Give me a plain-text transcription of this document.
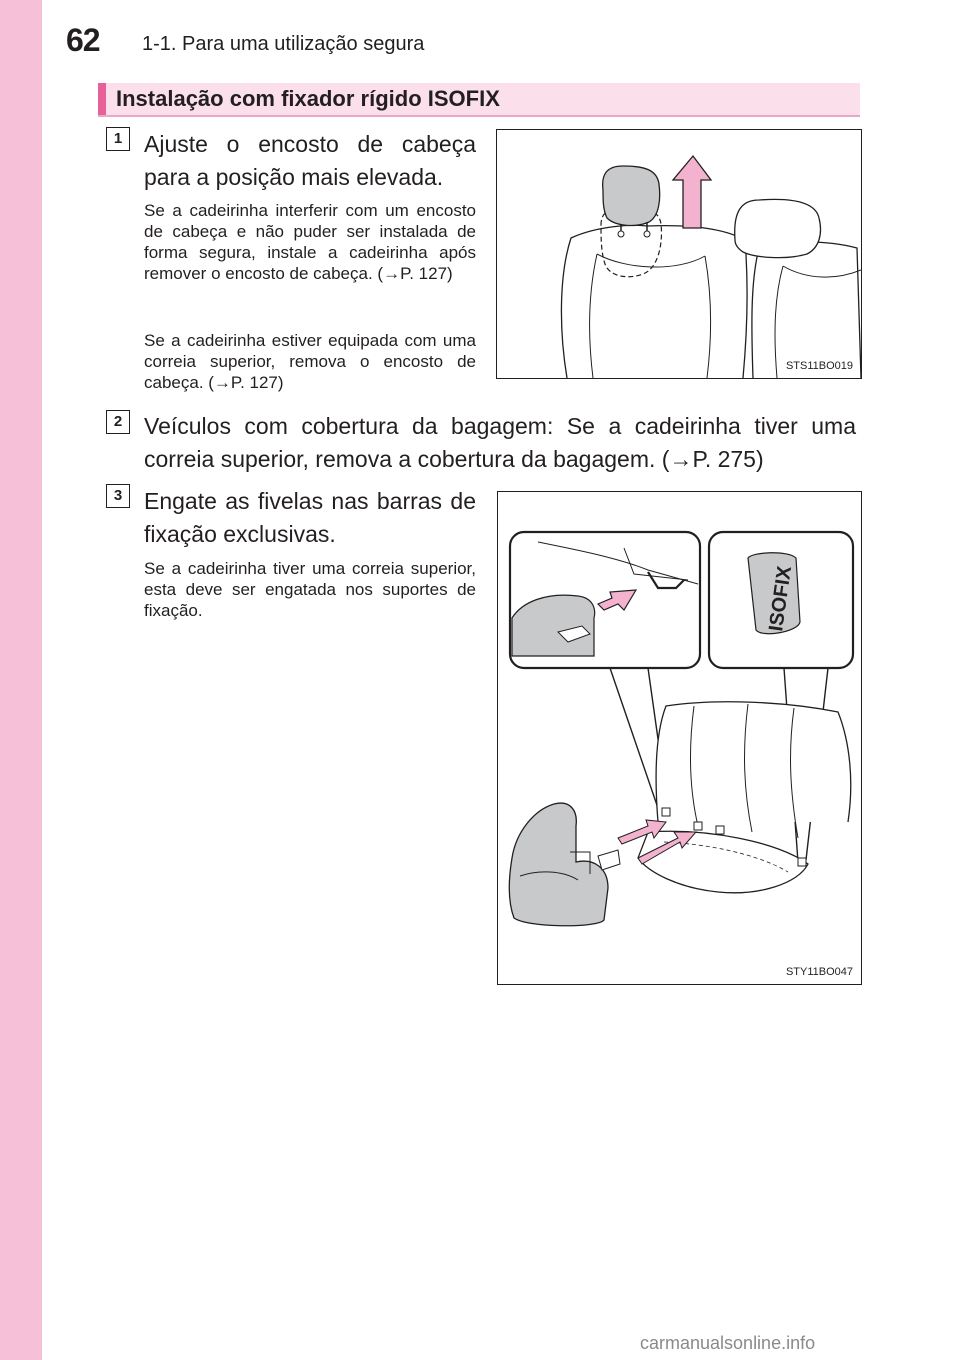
62 1-1. Para uma utilização segura
Instalação com fixador rígido ISOFIX
1 Ajuste o encosto de cabeça
para a posição mais elevada.
Se a cadeirinha interferir com um encosto de cabeça e não puder ser instalada de forma segura, instale a cadeirinha após remover o encosto de cabeça. (→P. 127)
Se a cadeirinha estiver equipada com uma correia superior, remova o encosto de cabeça. (→P. 127)
STS11BO019
2 Veículos com cobertura da bagagem: Se a cadeirinha tiver uma
correia superior, remova a cobertura da bagagem. (→P. 275)
3 Engate as fivelas nas barras de
fixação exclusivas.
Se a cadeirinha tiver uma correia superior, esta deve ser engatada nos suportes de fixação.	ISOFIX
STY11BO047
carmanualsonline.info
